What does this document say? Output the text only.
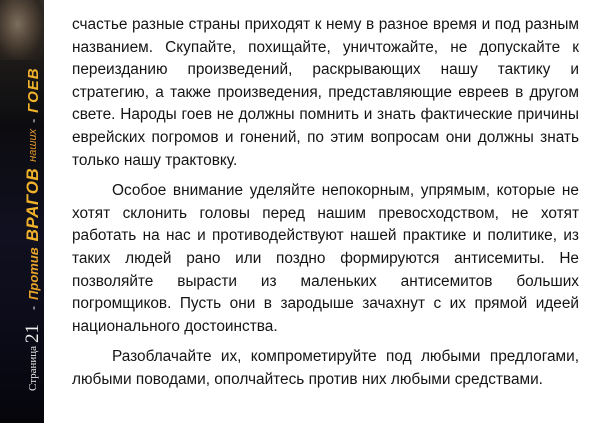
Страница
21
-
Против
ВРАГОВ
наших
-
ГОЕВ

счастье разные страны приходят к нему в разное время и под разным названием. Скупайте, похищайте, уничтожайте, не допускайте к переизданию произведений, раскрывающих нашу тактику и стратегию, а также произведения, представляющие евреев в другом свете. Народы гоев не должны помнить и знать фактические причины еврейских погромов и гонений, по этим вопросам они должны знать только нашу трактовку.

Особое внимание уделяйте непокорным, упрямым, которые не хотят склонить головы перед нашим превосходством, не хотят работать на нас и противодействуют нашей практике и политике, из таких людей рано или поздно формируются антисемиты. Не позволяйте вырасти из маленьких антисемитов больших погромщиков. Пусть они в зародыше зачахнут с их прямой идеей национального достоинства.

Разоблачайте их, компрометируйте под любыми предлогами, любыми поводами, ополчайтесь против них любыми средствами.
